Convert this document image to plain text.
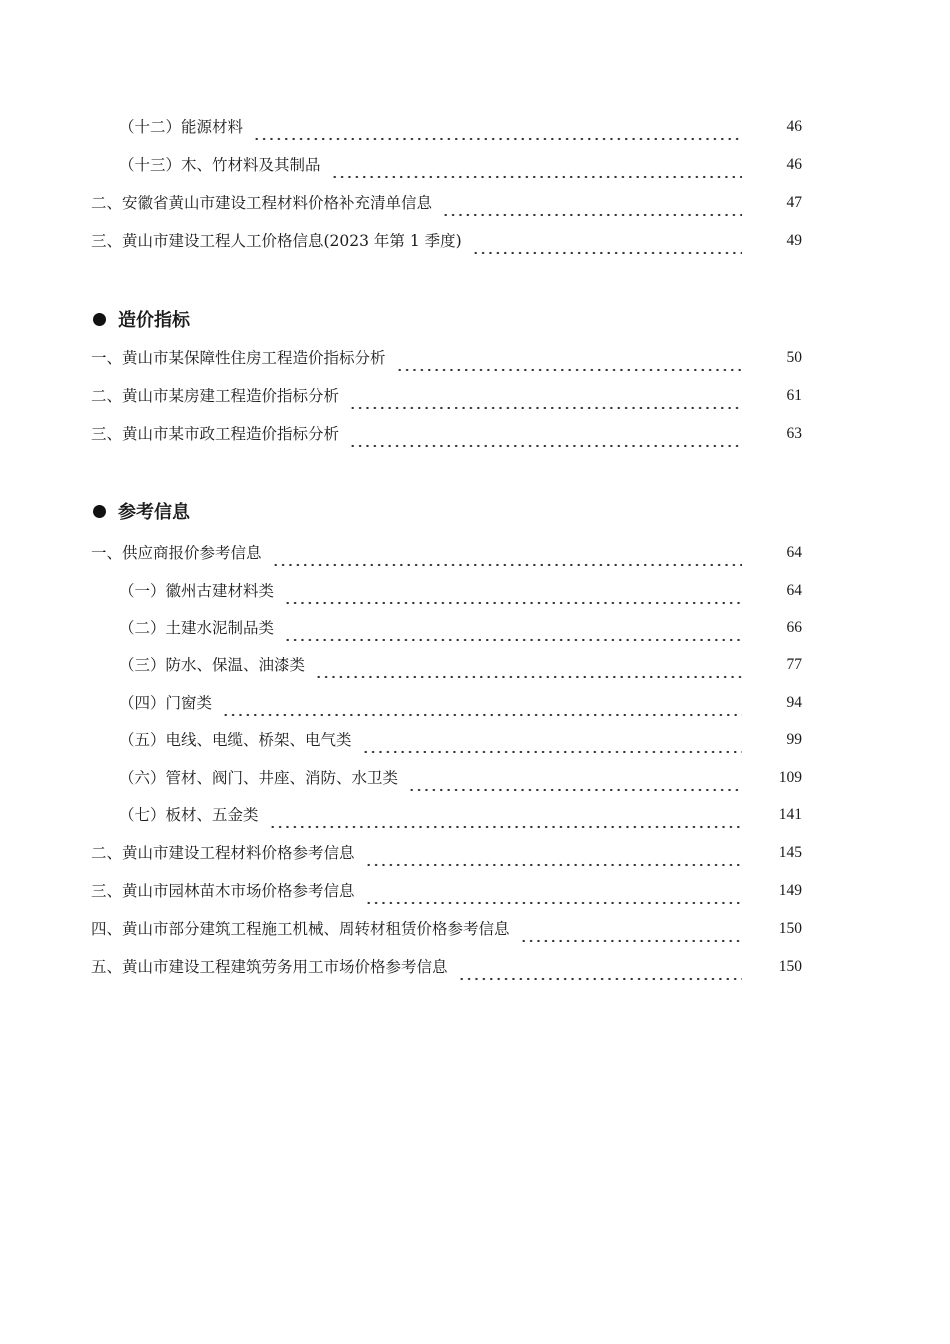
（十二）能源材料	46
（十三）木、竹材料及其制品	46
二、安徽省黄山市建设工程材料价格补充清单信息	47
三、黄山市建设工程人工价格信息(2023 年第 1 季度)	49
造价指标
一、黄山市某保障性住房工程造价指标分析	50
二、黄山市某房建工程造价指标分析	61
三、黄山市某市政工程造价指标分析	63
参考信息
一、供应商报价参考信息	64
（一）徽州古建材料类	64
（二）土建水泥制品类	66
（三）防水、保温、油漆类	77
（四）门窗类	94
（五）电线、电缆、桥架、电气类	99
（六）管材、阀门、井座、消防、水卫类	109
（七）板材、五金类	141
二、黄山市建设工程材料价格参考信息	145
三、黄山市园林苗木市场价格参考信息	149
四、黄山市部分建筑工程施工机械、周转材租赁价格参考信息	150
五、黄山市建设工程建筑劳务用工市场价格参考信息	150
